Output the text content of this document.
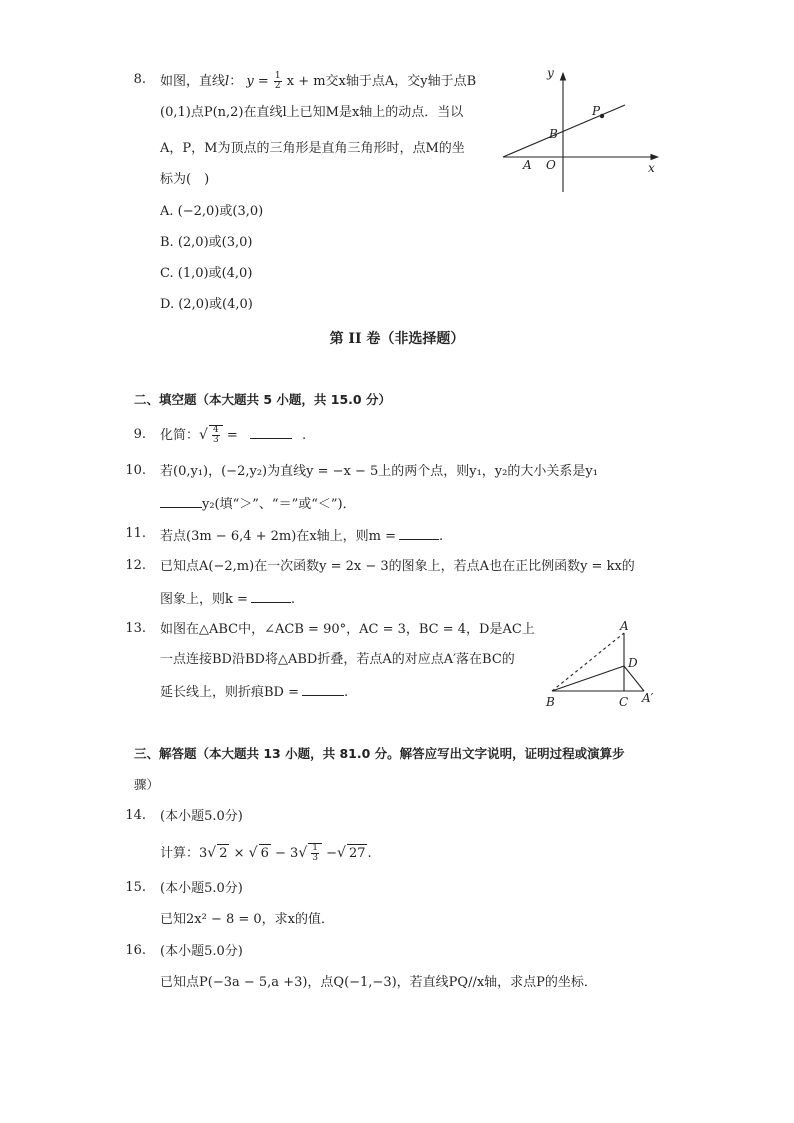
8. 如图，直线l： $y = \frac{1}{2}$ x + m交x轴于点A，交y轴于点B
(0,1)点P(n,2)在直线l上已知M是x轴上的动点．当以
A，P，M为顶点的三角形是直角三角形时，点M的坐
标为(　)
A. (−2,0)或(3,0)
B. (2,0)或(3,0)
C. (1,0)或(4,0)
D. (2,0)或(4,0)
y
x
P
B
A O
第 II 卷（非选择题）
二、填空题（本大题共 5 小题，共 15.0 分）
9. 化简：√ $\frac{4}{3}$ =	.
10. 若(0,y₁)，(−2,y₂)为直线y = −x − 5上的两个点，则y₁，y₂的大小关系是y₁
y₂(填“＞”、“＝”或“＜”)．
11. 若点(3m − 6,4 + 2m)在x轴上，则m =	.
12. 已知点A(−2,m)在一次函数y = 2x − 3的图象上，若点A也在正比例函数y = kx的
图象上，则k =	.
13. 如图在△ABC中，∠ACB = 90°，AC = 3，BC = 4，D是AC上
一点连接BD沿BD将△ABD折叠，若点A的对应点A′落在BC的
延长线上，则折痕BD =	.
A
D
B	C A′
三、解答题（本大题共 13 小题，共 81.0 分。解答应写出文字说明，证明过程或演算步
骤）
14. (本小题5.0分)
计算：3√ 2 × √ $6 - 3√ \frac{1}{3}$ −√ 27 .
15. (本小题5.0分)
已知2x² − 8 = 0，求x的值．
16. (本小题5.0分)
已知点P(−3a − 5,a +3)，点Q(−1,−3)，若直线PQ//x轴，求点P的坐标．
